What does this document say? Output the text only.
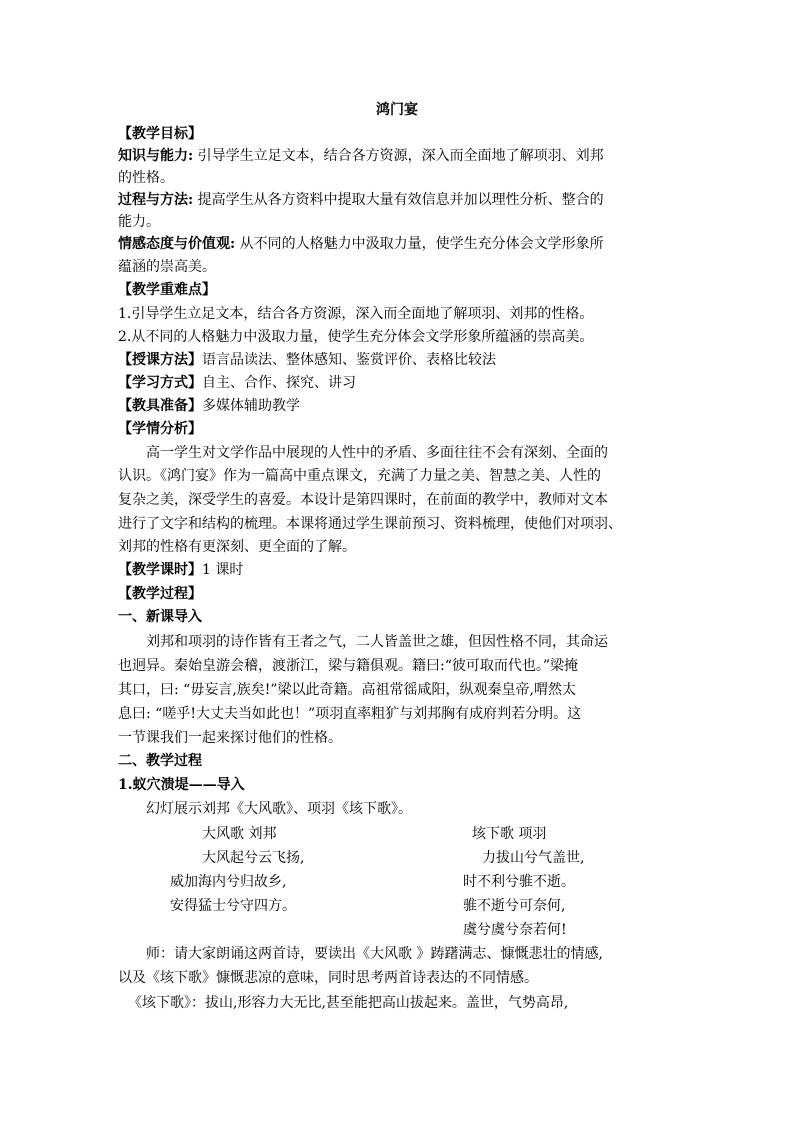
鸿门宴
【教学目标】
知识与能力: 引导学生立足文本，结合各方资源，深入而全面地了解项羽、刘邦
的性格。
过程与方法: 提高学生从各方资料中提取大量有效信息并加以理性分析、整合的
能力。
情感态度与价值观: 从不同的人格魅力中汲取力量，使学生充分体会文学形象所
蕴涵的崇高美。
【教学重难点】
1.引导学生立足文本，结合各方资源，深入而全面地了解项羽、刘邦的性格。
2.从不同的人格魅力中汲取力量，使学生充分体会文学形象所蕴涵的崇高美。
【授课方法】语言品读法、整体感知、鉴赏评价、表格比较法
【学习方式】自主、合作、探究、讲习
【教具准备】多媒体辅助教学
【学情分析】
高一学生对文学作品中展现的人性中的矛盾、多面往往不会有深刻、全面的
认识。《鸿门宴》作为一篇高中重点课文，充满了力量之美、智慧之美、人性的
复杂之美，深受学生的喜爱。本设计是第四课时，在前面的教学中，教师对文本
进行了文字和结构的梳理。本课将通过学生课前预习、资料梳理，使他们对项羽、
刘邦的性格有更深刻、更全面的了解。
【教学课时】1 课时
【教学过程】
一、新课导入
刘邦和项羽的诗作皆有王者之气，二人皆盖世之雄，但因性格不同，其命运
也迥异。秦始皇游会稽，渡浙江，梁与籍俱观。籍曰:“彼可取而代也。”梁掩
其口，曰: “毋妄言,族矣!”梁以此奇籍。高祖常徭咸阳，纵观秦皇帝,喟然太
息曰: “嗟乎!大丈夫当如此也！”项羽直率粗犷与刘邦胸有成府判若分明。这
一节课我们一起来探讨他们的性格。
二、教学过程
1.蚁穴溃堤——导入
幻灯展示刘邦《大风歌》、项羽《垓下歌》。
大风歌 刘邦
大风起兮云飞扬,
威加海内兮归故乡,
安得猛士兮守四方。
垓下歌 项羽
力拔山兮气盖世,
时不利兮骓不逝。
骓不逝兮可奈何,
虞兮虞兮奈若何!
师：请大家朗诵这两首诗，要读出《大风歌 》踌躇满志、慷慨悲壮的情感,
以及《垓下歌》慷慨悲凉的意味，同时思考两首诗表达的不同情感。
《垓下歌》：拔山,形容力大无比,甚至能把高山拔起来。盖世，气势高昂,
